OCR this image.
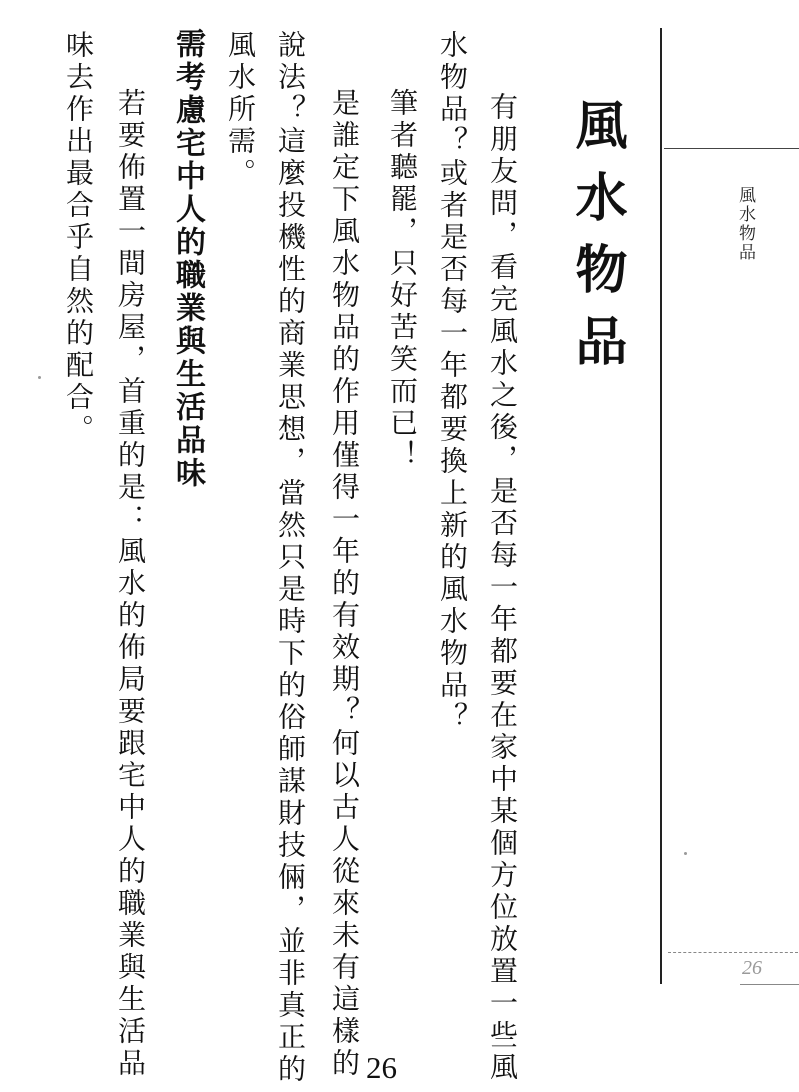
風水物品
26
風水物品

有朋友問，看完風水之後，是否每一年都要在家中某個方位放置一些風

水物品？或者是否每一年都要換上新的風水物品？

筆者聽罷，只好苦笑而已！

是誰定下風水物品的作用僅得一年的有效期？何以古人從來未有這樣的

說法？這麼投機性的商業思想，當然只是時下的俗師謀財技倆，並非真正的

風水所需。

需考慮宅中人的職業與生活品味

若要佈置一間房屋，首重的是：風水的佈局要跟宅中人的職業與生活品

味去作出最合乎自然的配合。

26
